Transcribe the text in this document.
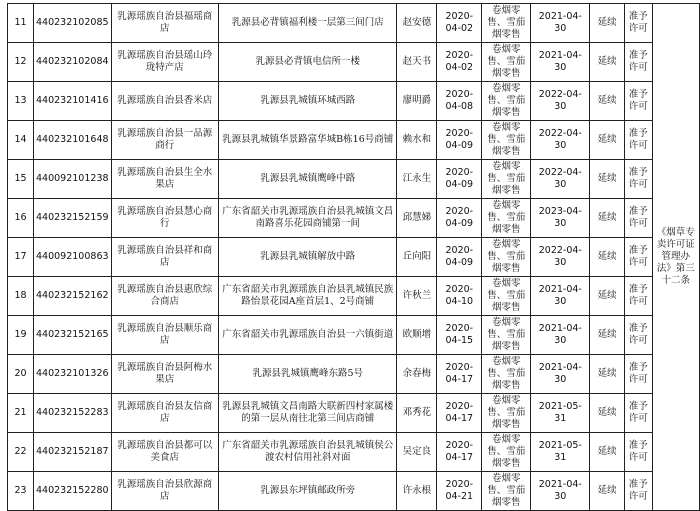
11	440232102085	乳源瑶族自治县福瑶商店	乳源县必背镇福利楼一层第三间门店	赵安德	2020-04-02	卷烟零售、雪茄烟零售	2021-04-30	延续	准予许可	《烟草专卖许可证管理办法》第三十二条
12	440232102084	乳源瑶族自治县瑶山玲珑特产店	乳源县必背镇电信所一楼	赵天书	2020-04-02	卷烟零售、雪茄烟零售	2021-04-30	延续	准予许可	
13	440232101416	乳源瑶族自治县香米店	乳源县乳城镇环城西路	廖明爵	2020-04-08	卷烟零售、雪茄烟零售	2022-04-30	延续	准予许可	
14	440232101648	乳源瑶族自治县一品源商行	乳源县乳城镇华景路富华城B栋16号商铺	赖水和	2020-04-09	卷烟零售、雪茄烟零售	2022-04-30	延续	准予许可	
15	440092101238	乳源瑶族自治县生全水果店	乳源县乳城镇鹰峰中路	江永生	2020-04-09	卷烟零售、雪茄烟零售	2022-04-30	延续	准予许可	
16	440232152159	乳源瑶族自治县慧心商行	广东省韶关市乳源瑶族自治县乳城镇文昌南路喜乐花园商铺第一间	邱慧娣	2020-04-09	卷烟零售、雪茄烟零售	2023-04-30	延续	准予许可	
17	440092100863	乳源瑶族自治县祥和商店	乳源县乳城镇解放中路	丘向阳	2020-04-09	卷烟零售、雪茄烟零售	2022-04-30	延续	准予许可	
18	440232152162	乳源瑶族自治县惠欣综合商店	广东省韶关市乳源瑶族自治县乳城镇民族路怡景花园A座首层1、2号商铺	许秋兰	2020-04-10	卷烟零售、雪茄烟零售	2021-04-30	延续	准予许可	
19	440232152165	乳源瑶族自治县顺乐商店	广东省韶关市乳源瑶族自治县一六镇街道	欧顺增	2020-04-15	卷烟零售、雪茄烟零售	2021-04-30	延续	准予许可	
20	440232101326	乳源瑶族自治县阿梅水果店	乳源县乳城镇鹰峰东路5号	余春梅	2020-04-17	卷烟零售、雪茄烟零售	2021-04-30	延续	准予许可	
21	440232152283	乳源瑶族自治县友信商店	乳源县乳城镇文昌南路大联新四村家属楼的第一层从南往北第三间店商铺	邓秀花	2020-04-17	卷烟零售、雪茄烟零售	2021-05-31	延续	准予许可	
22	440232152187	乳源瑶族自治县都可以美食店	广东省韶关市乳源瑶族自治县乳城镇侯公渡农村信用社斜对面	吴定良	2020-04-17	卷烟零售、雪茄烟零售	2021-05-31	延续	准予许可	
23	440232152280	乳源瑶族自治县欣源商店	乳源县东坪镇邮政所旁	许永根	2020-04-21	卷烟零售、雪茄烟零售	2021-04-30	延续	准予许可	
